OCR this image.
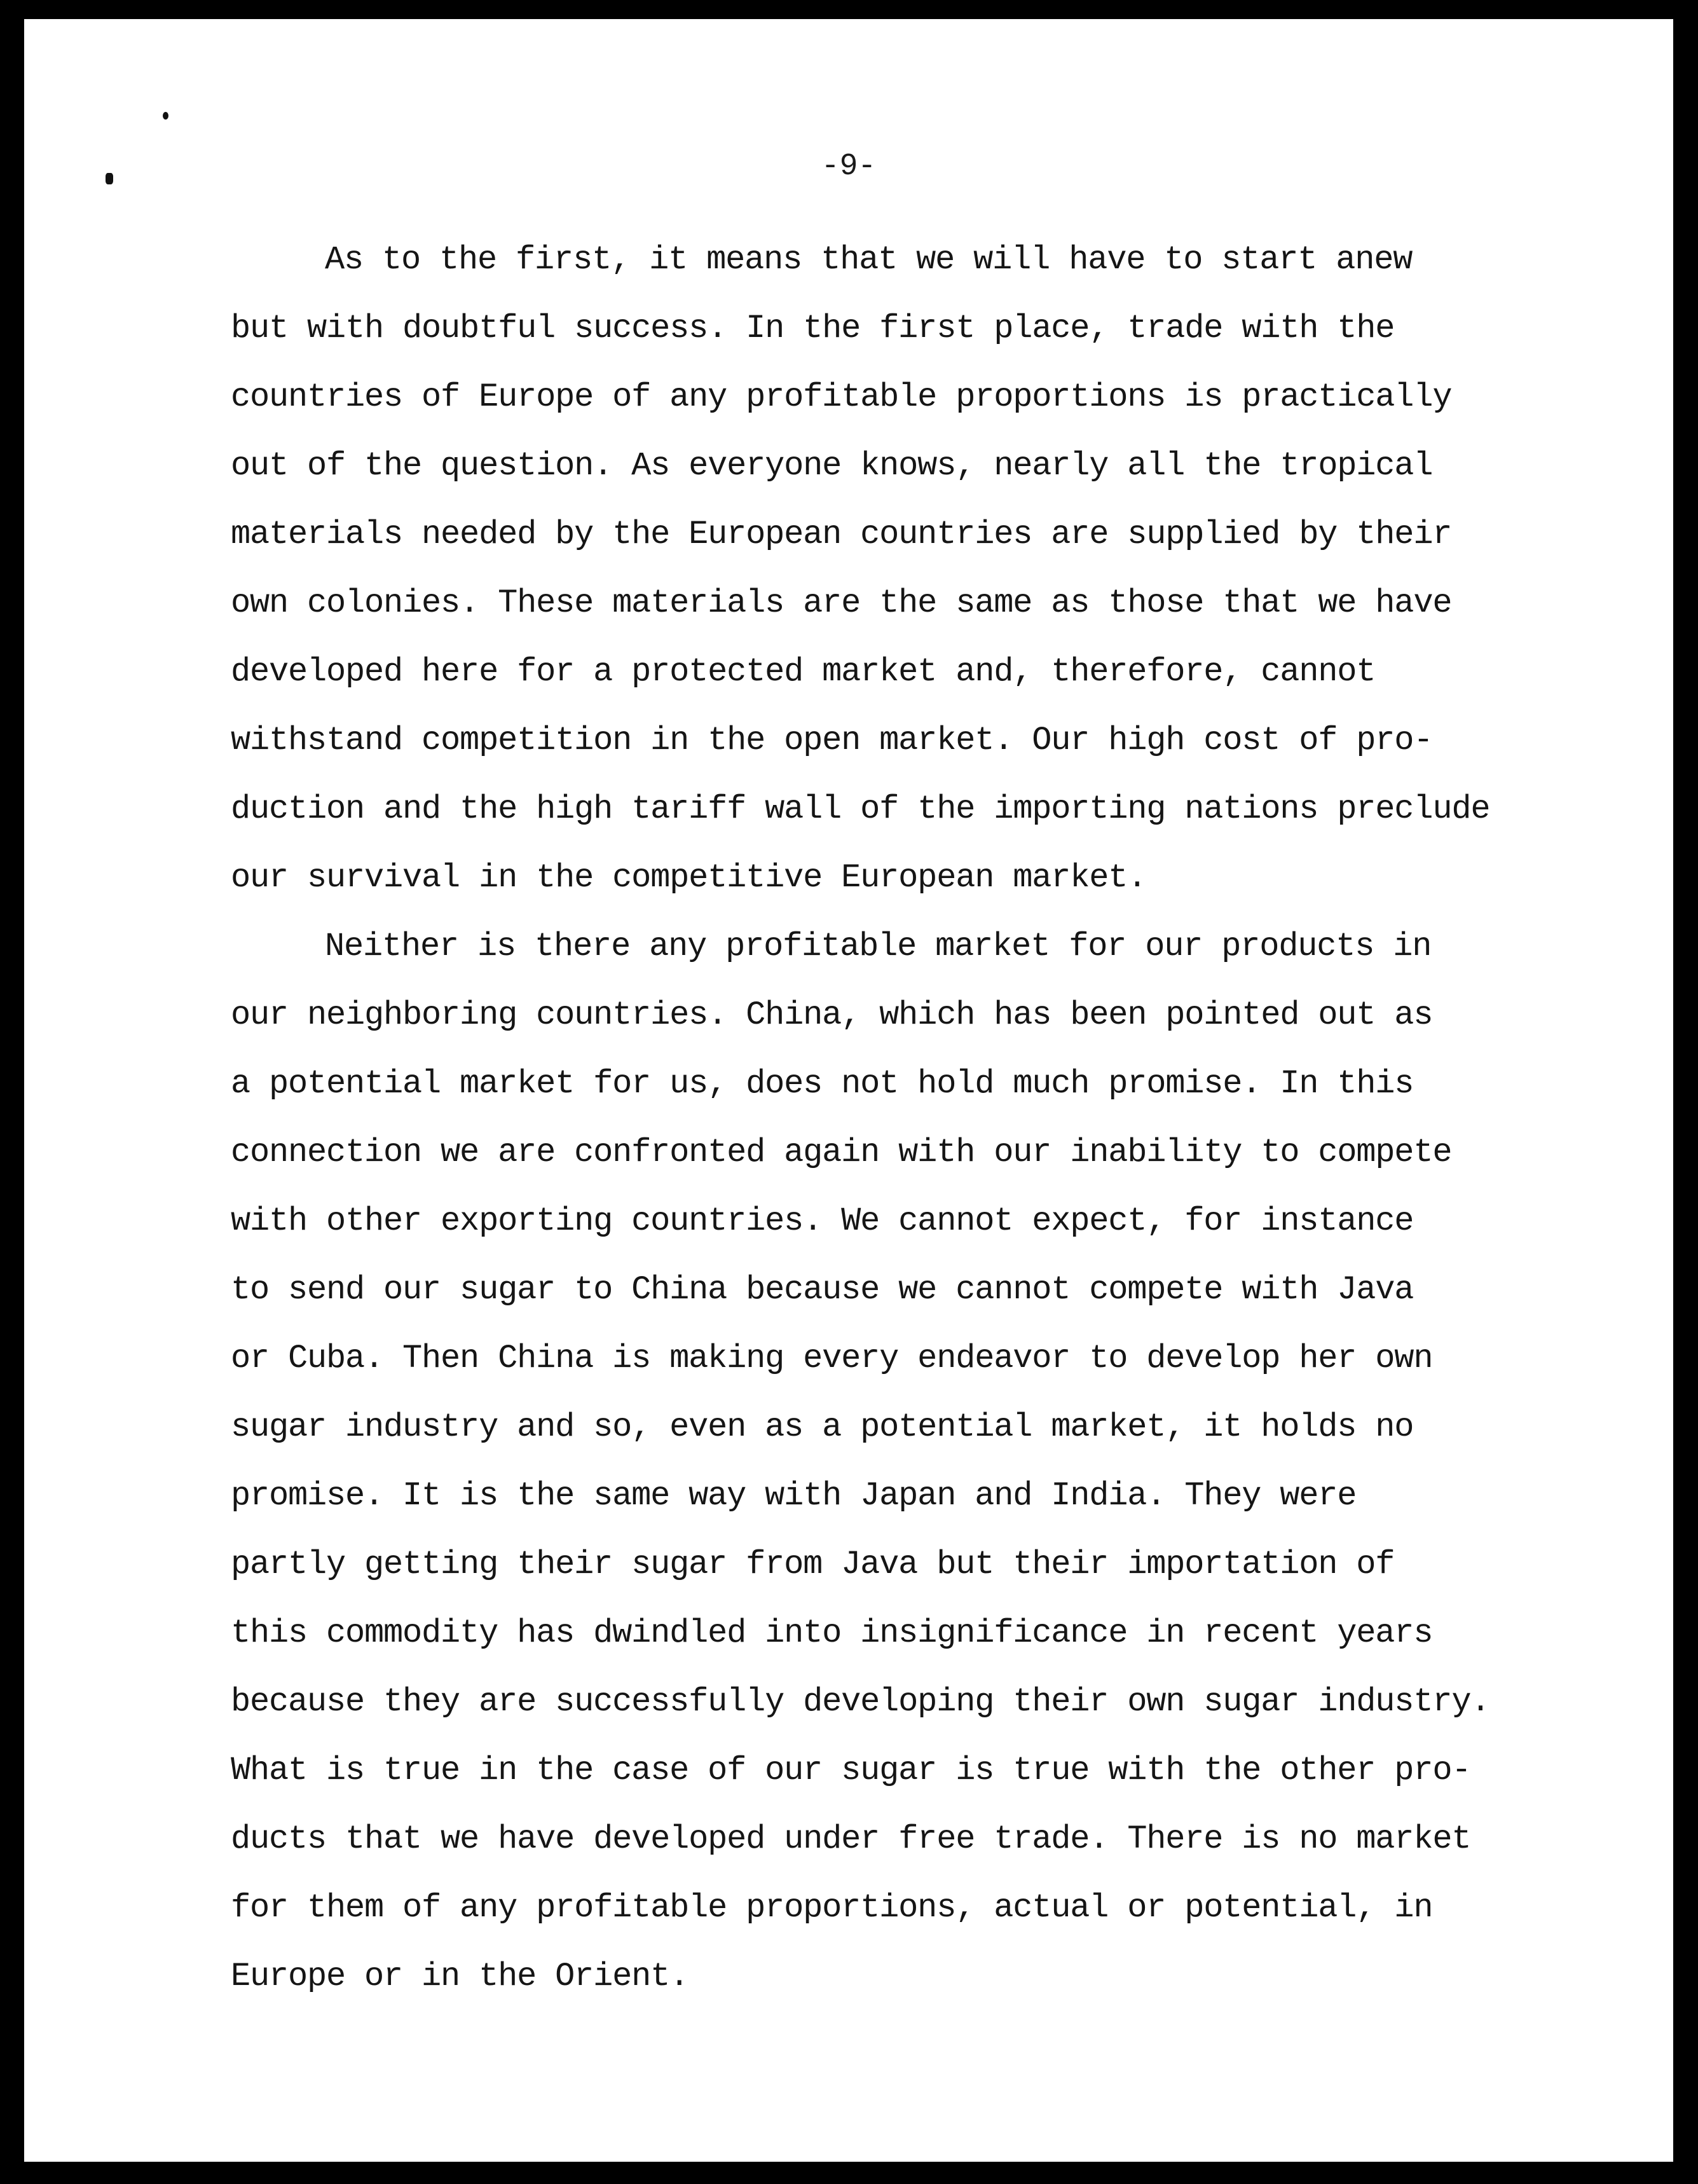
-9-
As to the first, it means that we will have to start anew
but with doubtful success. In the first place, trade with the
countries of Europe of any profitable proportions is practically
out of the question. As everyone knows, nearly all the tropical
materials needed by the European countries are supplied by their
own colonies. These materials are the same as those that we have
developed here for a protected market and, therefore, cannot
withstand competition in the open market. Our high cost of pro-
duction and the high tariff wall of the importing nations preclude
our survival in the competitive European market.
Neither is there any profitable market for our products in
our neighboring countries. China, which has been pointed out as
a potential market for us, does not hold much promise. In this
connection we are confronted again with our inability to compete
with other exporting countries. We cannot expect, for instance
to send our sugar to China because we cannot compete with Java
or Cuba. Then China is making every endeavor to develop her own
sugar industry and so, even as a potential market, it holds no
promise. It is the same way with Japan and India. They were
partly getting their sugar from Java but their importation of
this commodity has dwindled into insignificance in recent years
because they are successfully developing their own sugar industry.
What is true in the case of our sugar is true with the other pro-
ducts that we have developed under free trade. There is no market
for them of any profitable proportions, actual or potential, in
Europe or in the Orient.
